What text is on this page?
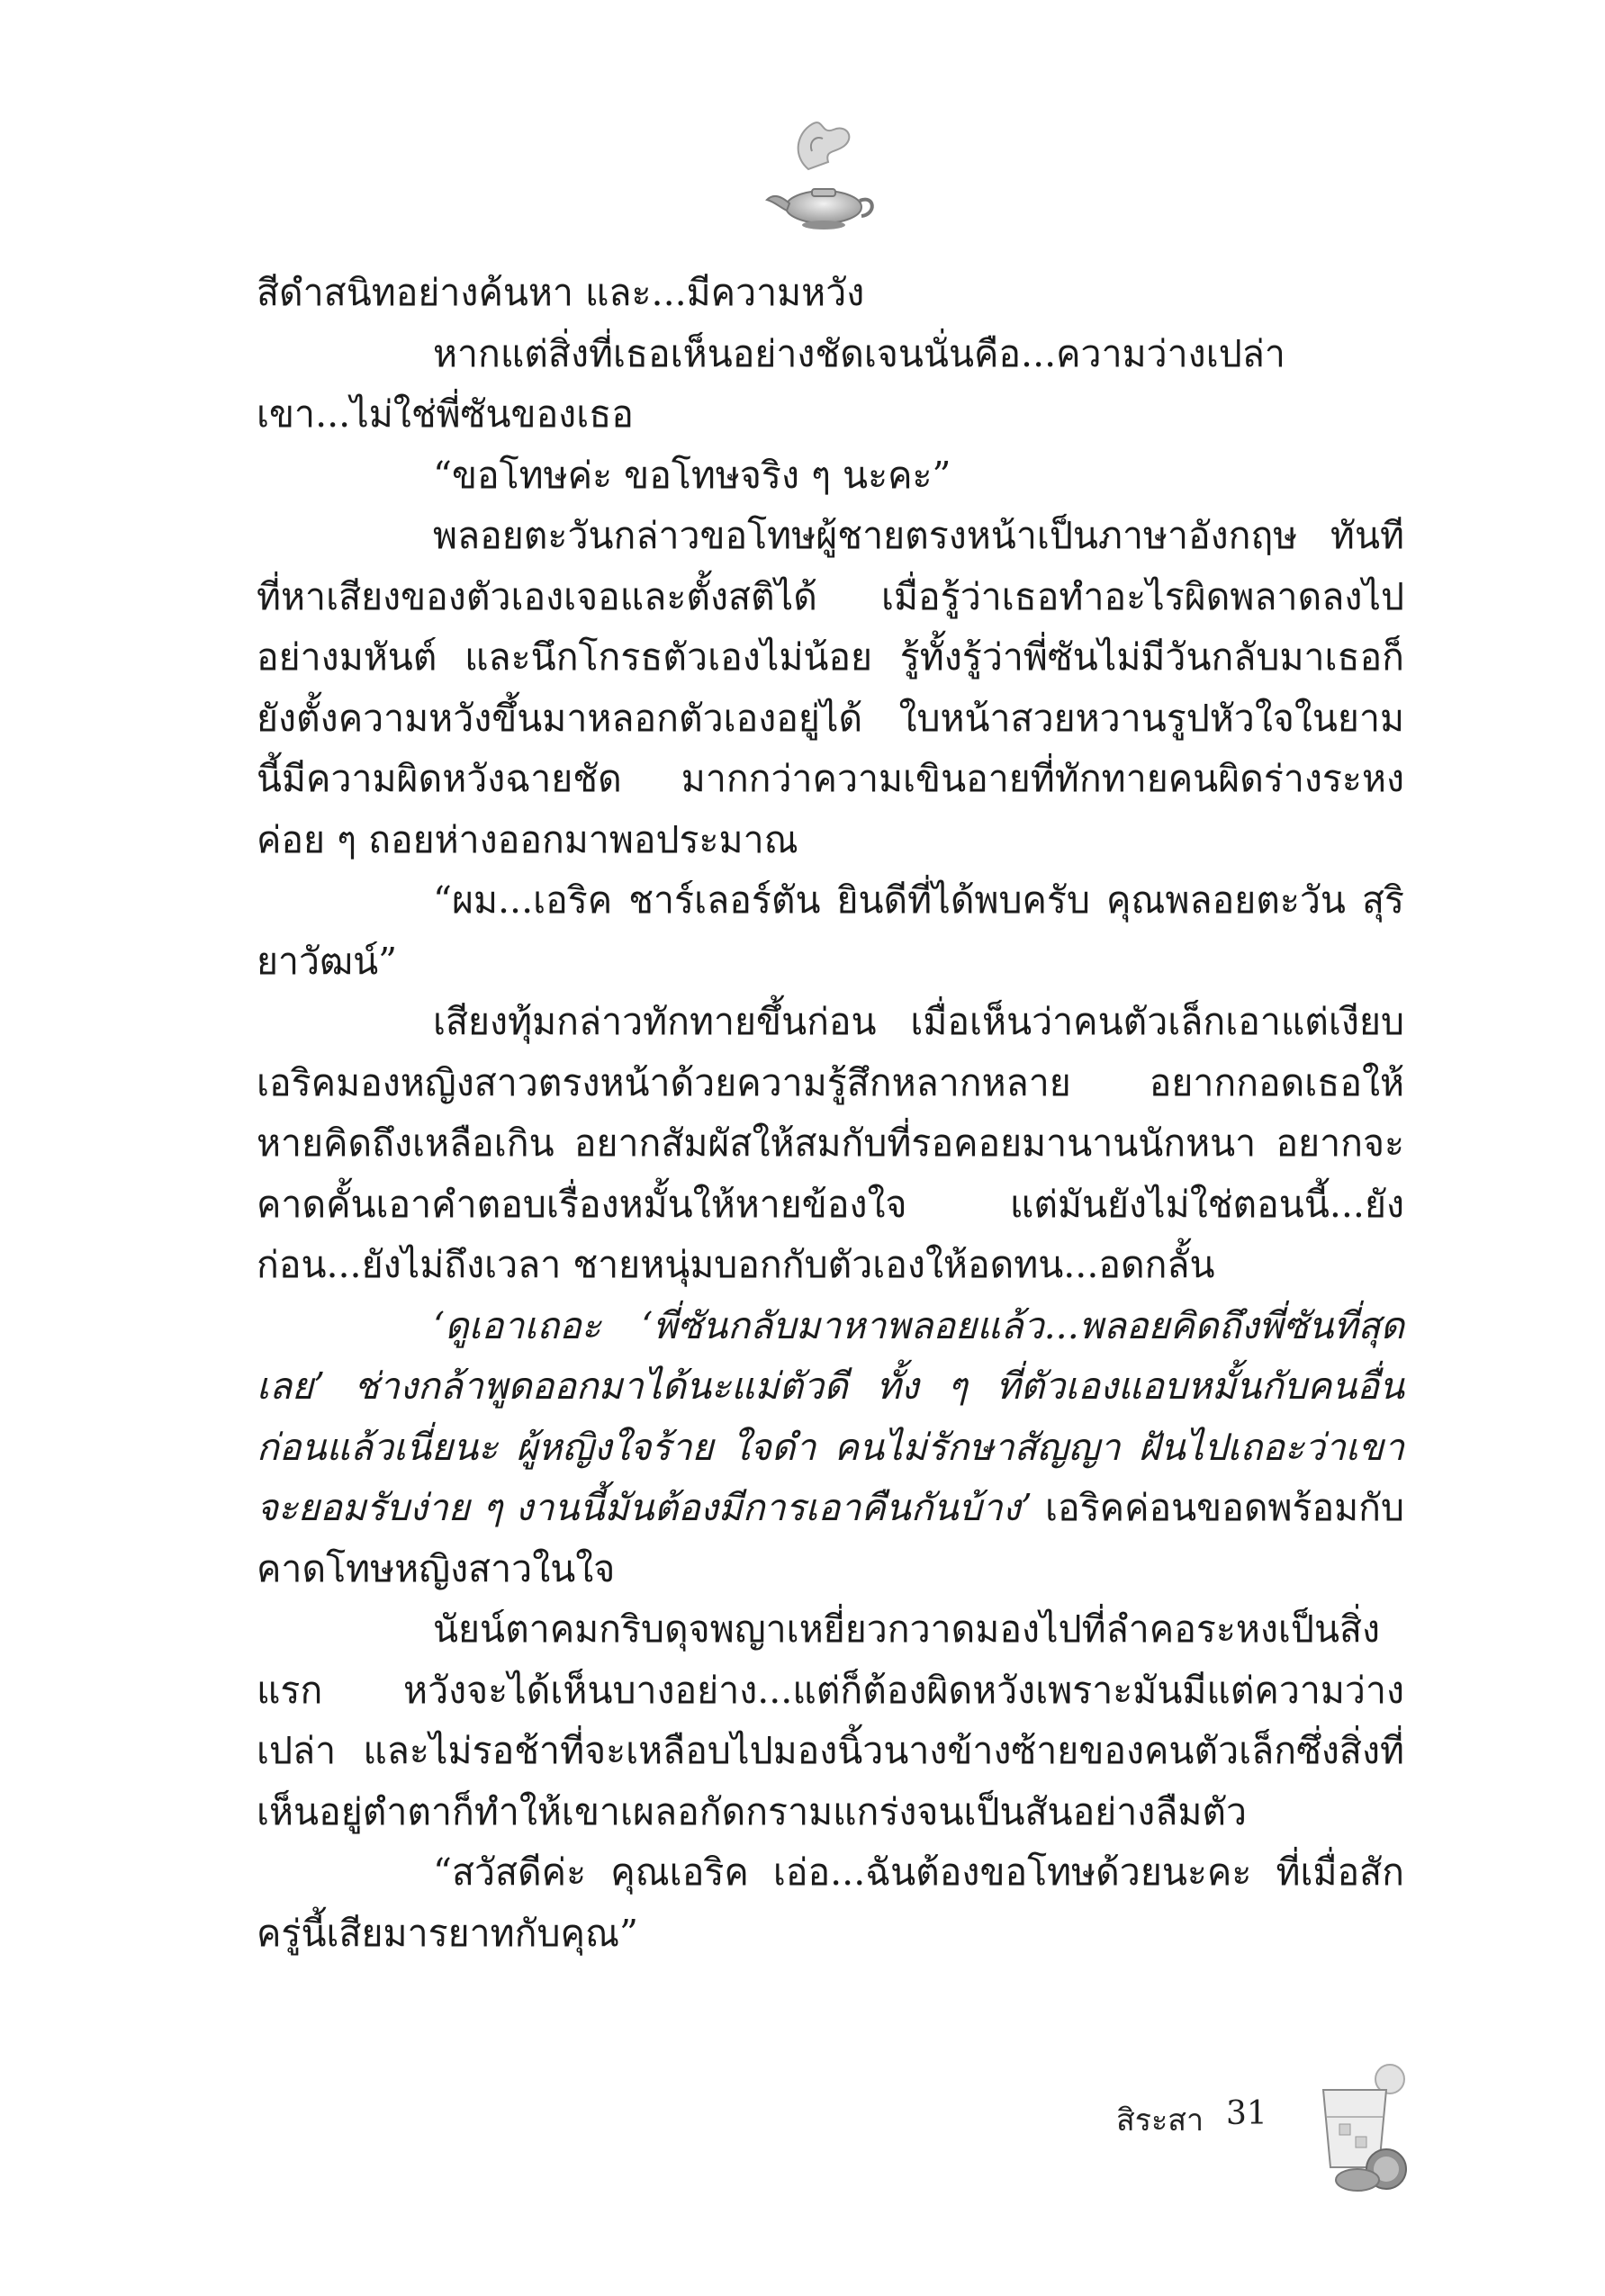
สีดำสนิทอย่างค้นหา และ...มีความหวัง

หากแต่สิ่งที่เธอเห็นอย่างชัดเจนนั่นคือ...ความว่างเปล่า เขา...ไม่ใช่พี่ซันของเธอ

“ขอโทษค่ะ ขอโทษจริง ๆ นะคะ”

พลอยตะวันกล่าวขอโทษผู้ชายตรงหน้าเป็นภาษาอังกฤษ ทันทีที่หาเสียงของตัวเองเจอและตั้งสติได้ เมื่อรู้ว่าเธอทำอะไรผิดพลาดลงไปอย่างมหันต์ และนึกโกรธตัวเองไม่น้อย รู้ทั้งรู้ว่าพี่ซันไม่มีวันกลับมาเธอก็ยังตั้งความหวังขึ้นมาหลอกตัวเองอยู่ได้ ใบหน้าสวยหวานรูปหัวใจในยามนี้มีความผิดหวังฉายชัด มากกว่าความเขินอายที่ทักทายคนผิดร่างระหงค่อย ๆ ถอยห่างออกมาพอประมาณ

“ผม...เอริค ชาร์เลอร์ตัน ยินดีที่ได้พบครับ คุณพลอยตะวัน สุริยาวัฒน์”

เสียงทุ้มกล่าวทักทายขึ้นก่อน เมื่อเห็นว่าคนตัวเล็กเอาแต่เงียบ เอริคมองหญิงสาวตรงหน้าด้วยความรู้สึกหลากหลาย อยากกอดเธอให้หายคิดถึงเหลือเกิน อยากสัมผัสให้สมกับที่รอคอยมานานนักหนา อยากจะคาดคั้นเอาคำตอบเรื่องหมั้นให้หายข้องใจ แต่มันยังไม่ใช่ตอนนี้...ยังก่อน...ยังไม่ถึงเวลา ชายหนุ่มบอกกับตัวเองให้อดทน...อดกลั้น

‘ดูเอาเถอะ ‘พี่ซันกลับมาหาพลอยแล้ว...พลอยคิดถึงพี่ซันที่สุดเลย’ ช่างกล้าพูดออกมาได้นะแม่ตัวดี ทั้ง ๆ ที่ตัวเองแอบหมั้นกับคนอื่นก่อนแล้วเนี่ยนะ ผู้หญิงใจร้าย ใจดำ คนไม่รักษาสัญญา ฝันไปเถอะว่าเขาจะยอมรับง่าย ๆ งานนี้มันต้องมีการเอาคืนกันบ้าง’ เอริคค่อนขอดพร้อมกับคาดโทษหญิงสาวในใจ

นัยน์ตาคมกริบดุจพญาเหยี่ยวกวาดมองไปที่ลำคอระหงเป็นสิ่งแรก หวังจะได้เห็นบางอย่าง...แต่ก็ต้องผิดหวังเพราะมันมีแต่ความว่างเปล่า และไม่รอช้าที่จะเหลือบไปมองนิ้วนางข้างซ้ายของคนตัวเล็กซึ่งสิ่งที่เห็นอยู่ตำตาก็ทำให้เขาเผลอกัดกรามแกร่งจนเป็นสันอย่างลืมตัว

“สวัสดีค่ะ คุณเอริค เอ่อ...ฉันต้องขอโทษด้วยนะคะ ที่เมื่อสักครู่นี้เสียมารยาทกับคุณ”

สิระสา 31
